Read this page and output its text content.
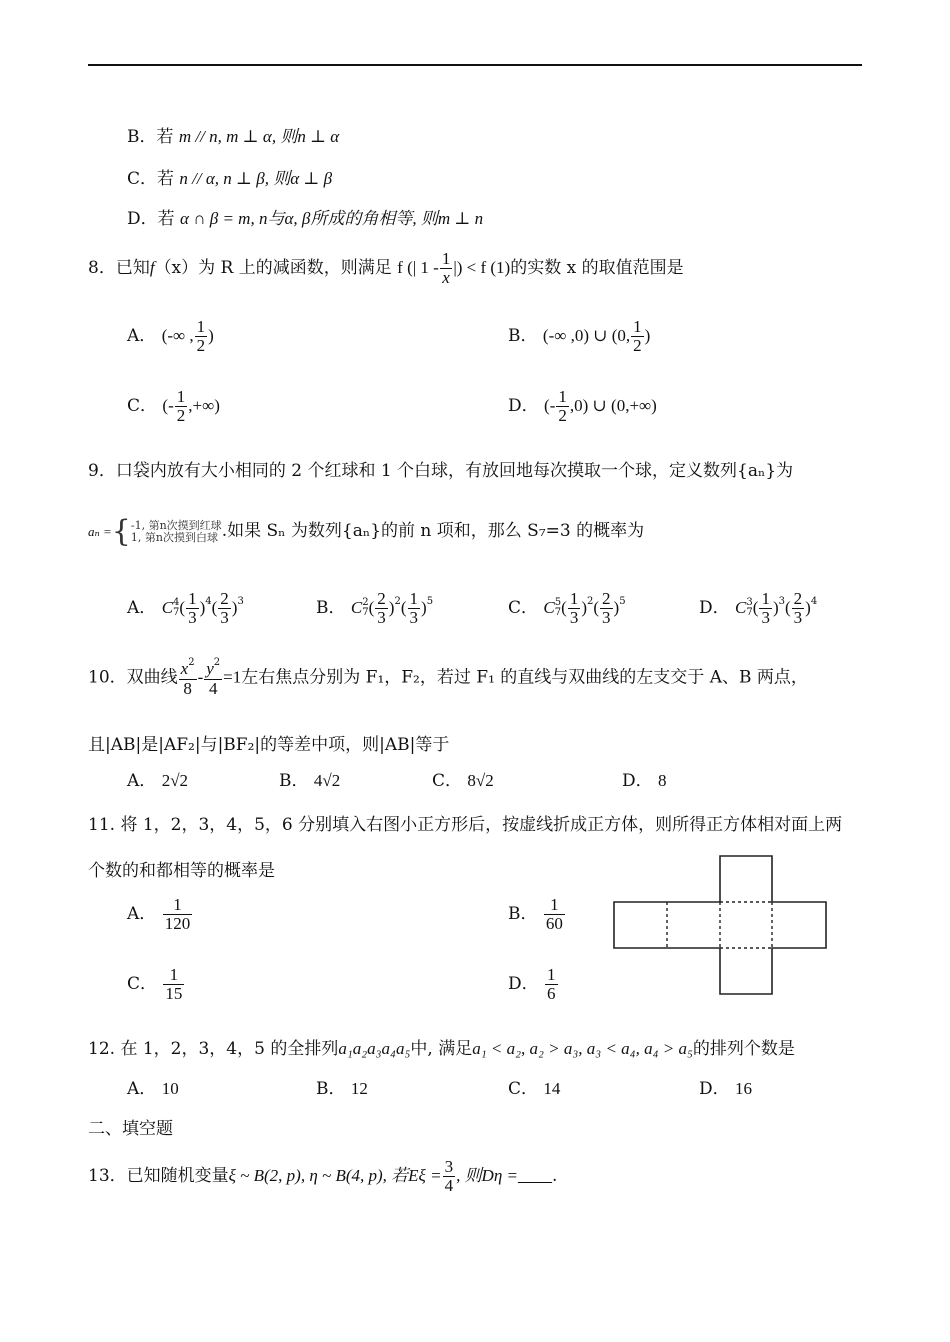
B．若 m // n, m ⊥ α, 则n ⊥ α
C．若 n // α, n ⊥ β, 则α ⊥ β
D．若 α ∩ β = m, n与α, β所成的角相等, 则m ⊥ n
8．已知f（x）为 R 上的减函数，则满足 f (| $1 - \frac{1}{x}$ |) < f (1)的实数 x 的取值范围是
A． (-∞ , $\frac{1}{2}$ )	B． (-∞ ,0) ∪ (0, $\frac{1}{2}$ )
C． (- $\frac{1}{2}$ ,+∞)	D． (- $\frac{1}{2} ,0$) ∪ (0,+∞)
9．口袋内放有大小相同的 2 个红球和 1 个白球，有放回地每次摸取一个球，定义数列{aₙ}为
aₙ ={ -1, 第n次摸到红球
1, 第n次摸到白球 .如果 Sₙ 为数列{aₙ}的前 n 项和，那么 S₇=3 的概率为
A． C 4
7 ( $\frac{1}{3} )^4( \frac{2}{3} )^3$	B． C 2
7 ( $\frac{2}{3} )^2( \frac{1}{3} )^5$	C． C 5
7 ( $\frac{1}{3} )^2( \frac{2}{3} )^5$	D． C 3
7 ( $\frac{1}{3} )^3( \frac{2}{3} )^4$
10．双曲线 $\frac{x^2}{8} - \frac{y^2}{4} =1$左右焦点分别为 F₁，F₂，若过 F₁ 的直线与双曲线的左支交于 A、B 两点，
且|AB|是|AF₂|与|BF₂|的等差中项，则|AB|等于
A． 2√2	B． 4√2	C． 8√2	D． 8
11. 将 1，2，3，4，5，6 分别填入右图小正方形后，按虚线折成正方体，则所得正方体相对面上两
个数的和都相等的概率是
A． $\frac{1}{120}$	B． $\frac{1}{60}$
C． $\frac{1}{15}$	D． $\frac{1}{6}$
12. 在 1，2，3，4，5 的全排列a₁a₂a₃a₄a₅中, 满足a₁ < a₂, a₂ > a₃, a₃ < a₄, a₄ > a₅的排列个数是
A． 10	B． 12	C． 14	D． 16
二、填空题
13．已知随机变量ξ ~ B(2, p), η ~ B(4, p), 若$E\xi = \frac{3}{4}$ , 则Dη =____.
